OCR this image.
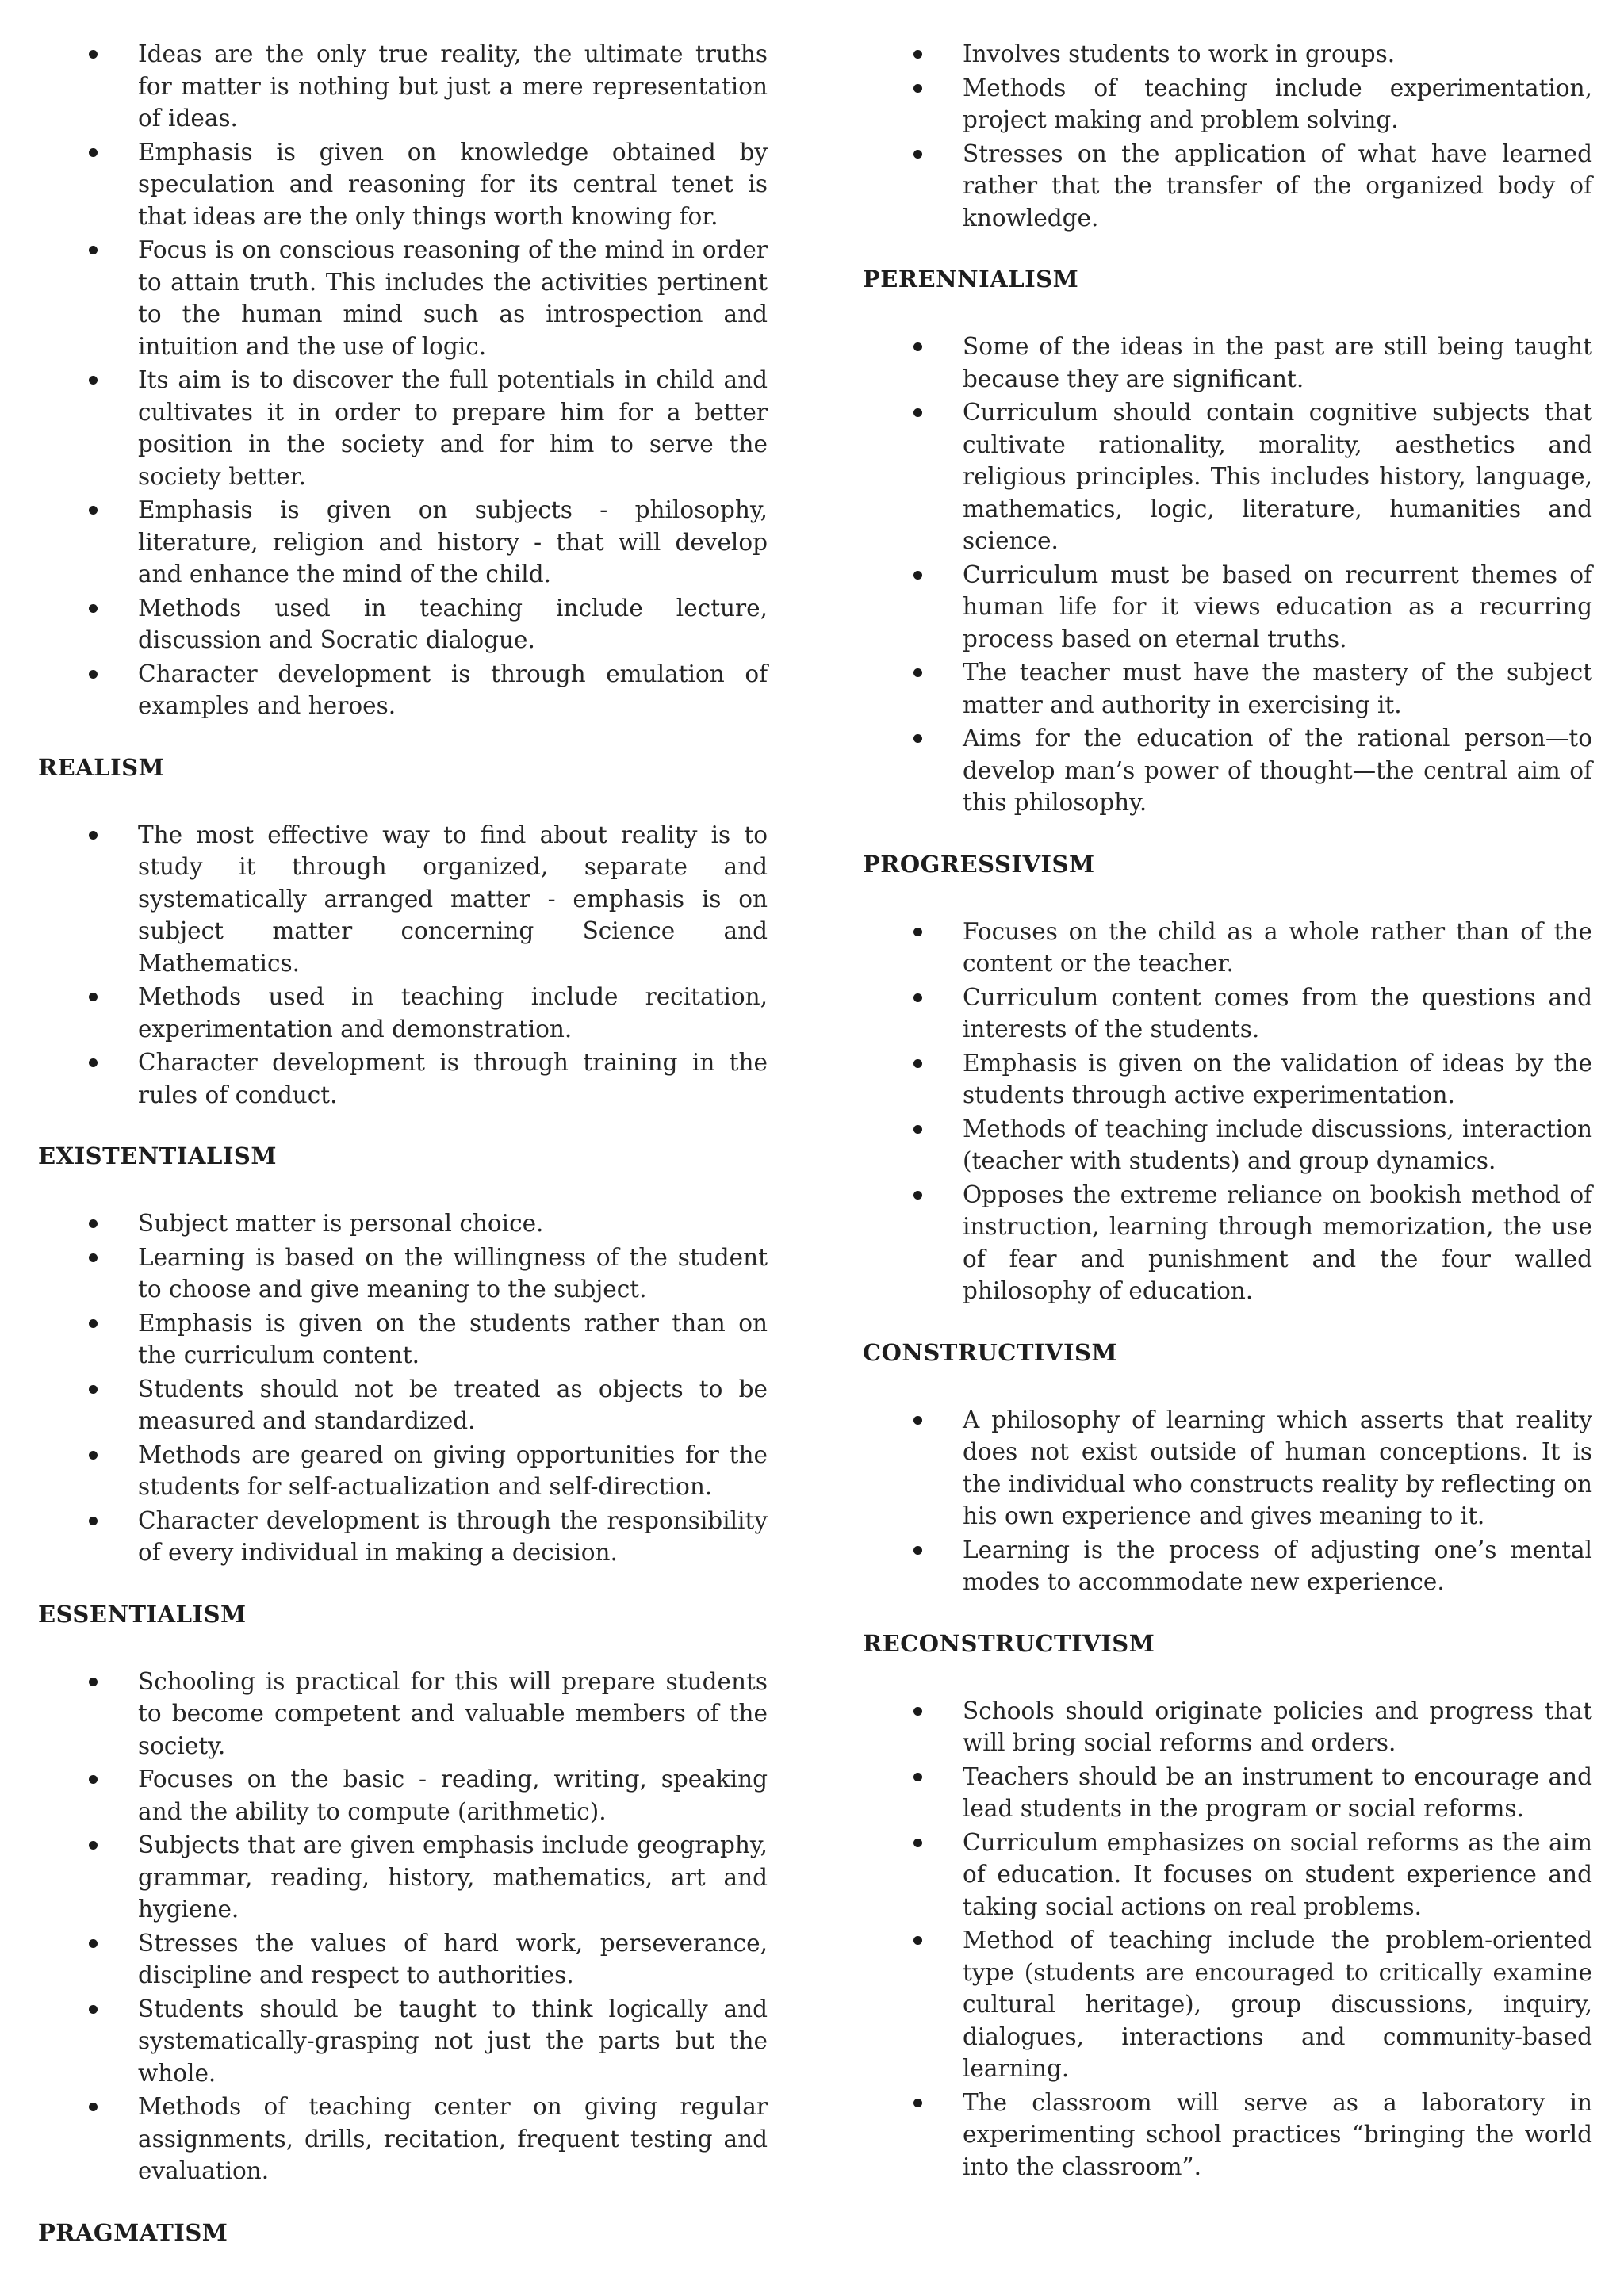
Ideas are the only true reality, the ultimate truths for matter is nothing but just a mere representation of ideas.
Emphasis is given on knowledge obtained by speculation and reasoning for its central tenet is that ideas are the only things worth knowing for.
Focus is on conscious reasoning of the mind in order to attain truth. This includes the activities pertinent to the human mind such as introspection and intuition and the use of logic.
Its aim is to discover the full potentials in child and cultivates it in order to prepare him for a better position in the society and for him to serve the society better.
Emphasis is given on subjects - philosophy, literature, religion and history - that will develop and enhance the mind of the child.
Methods used in teaching include lecture, discussion and Socratic dialogue.
Character development is through emulation of examples and heroes.
REALISM
The most effective way to find about reality is to study it through organized, separate and systematically arranged matter - emphasis is on subject matter concerning Science and Mathematics.
Methods used in teaching include recitation, experimentation and demonstration.
Character development is through training in the rules of conduct.
EXISTENTIALISM
Subject matter is personal choice.
Learning is based on the willingness of the student to choose and give meaning to the subject.
Emphasis is given on the students rather than on the curriculum content.
Students should not be treated as objects to be measured and standardized.
Methods are geared on giving opportunities for the students for self-actualization and self-direction.
Character development is through the responsibility of every individual in making a decision.
ESSENTIALISM
Schooling is practical for this will prepare students to become competent and valuable members of the society.
Focuses on the basic - reading, writing, speaking and the ability to compute (arithmetic).
Subjects that are given emphasis include geography, grammar, reading, history, mathematics, art and hygiene.
Stresses the values of hard work, perseverance, discipline and respect to authorities.
Students should be taught to think logically and systematically-grasping not just the parts but the whole.
Methods of teaching center on giving regular assignments, drills, recitation, frequent testing and evaluation.
PRAGMATISM
Involves students to work in groups.
Methods of teaching include experimentation, project making and problem solving.
Stresses on the application of what have learned rather that the transfer of the organized body of knowledge.
PERENNIALISM
Some of the ideas in the past are still being taught because they are significant.
Curriculum should contain cognitive subjects that cultivate rationality, morality, aesthetics and religious principles. This includes history, language, mathematics, logic, literature, humanities and science.
Curriculum must be based on recurrent themes of human life for it views education as a recurring process based on eternal truths.
The teacher must have the mastery of the subject matter and authority in exercising it.
Aims for the education of the rational person—to develop man’s power of thought—the central aim of this philosophy.
PROGRESSIVISM
Focuses on the child as a whole rather than of the content or the teacher.
Curriculum content comes from the questions and interests of the students.
Emphasis is given on the validation of ideas by the students through active experimentation.
Methods of teaching include discussions, interaction (teacher with students) and group dynamics.
Opposes the extreme reliance on bookish method of instruction, learning through memorization, the use of fear and punishment and the four walled philosophy of education.
CONSTRUCTIVISM
A philosophy of learning which asserts that reality does not exist outside of human conceptions. It is the individual who constructs reality by reflecting on his own experience and gives meaning to it.
Learning is the process of adjusting one’s mental modes to accommodate new experience.
RECONSTRUCTIVISM
Schools should originate policies and progress that will bring social reforms and orders.
Teachers should be an instrument to encourage and lead students in the program or social reforms.
Curriculum emphasizes on social reforms as the aim of education. It focuses on student experience and taking social actions on real problems.
Method of teaching include the problem-oriented type (students are encouraged to critically examine cultural heritage), group discussions, inquiry, dialogues, interactions and community-based learning.
The classroom will serve as a laboratory in experimenting school practices “bringing the world into the classroom”.
